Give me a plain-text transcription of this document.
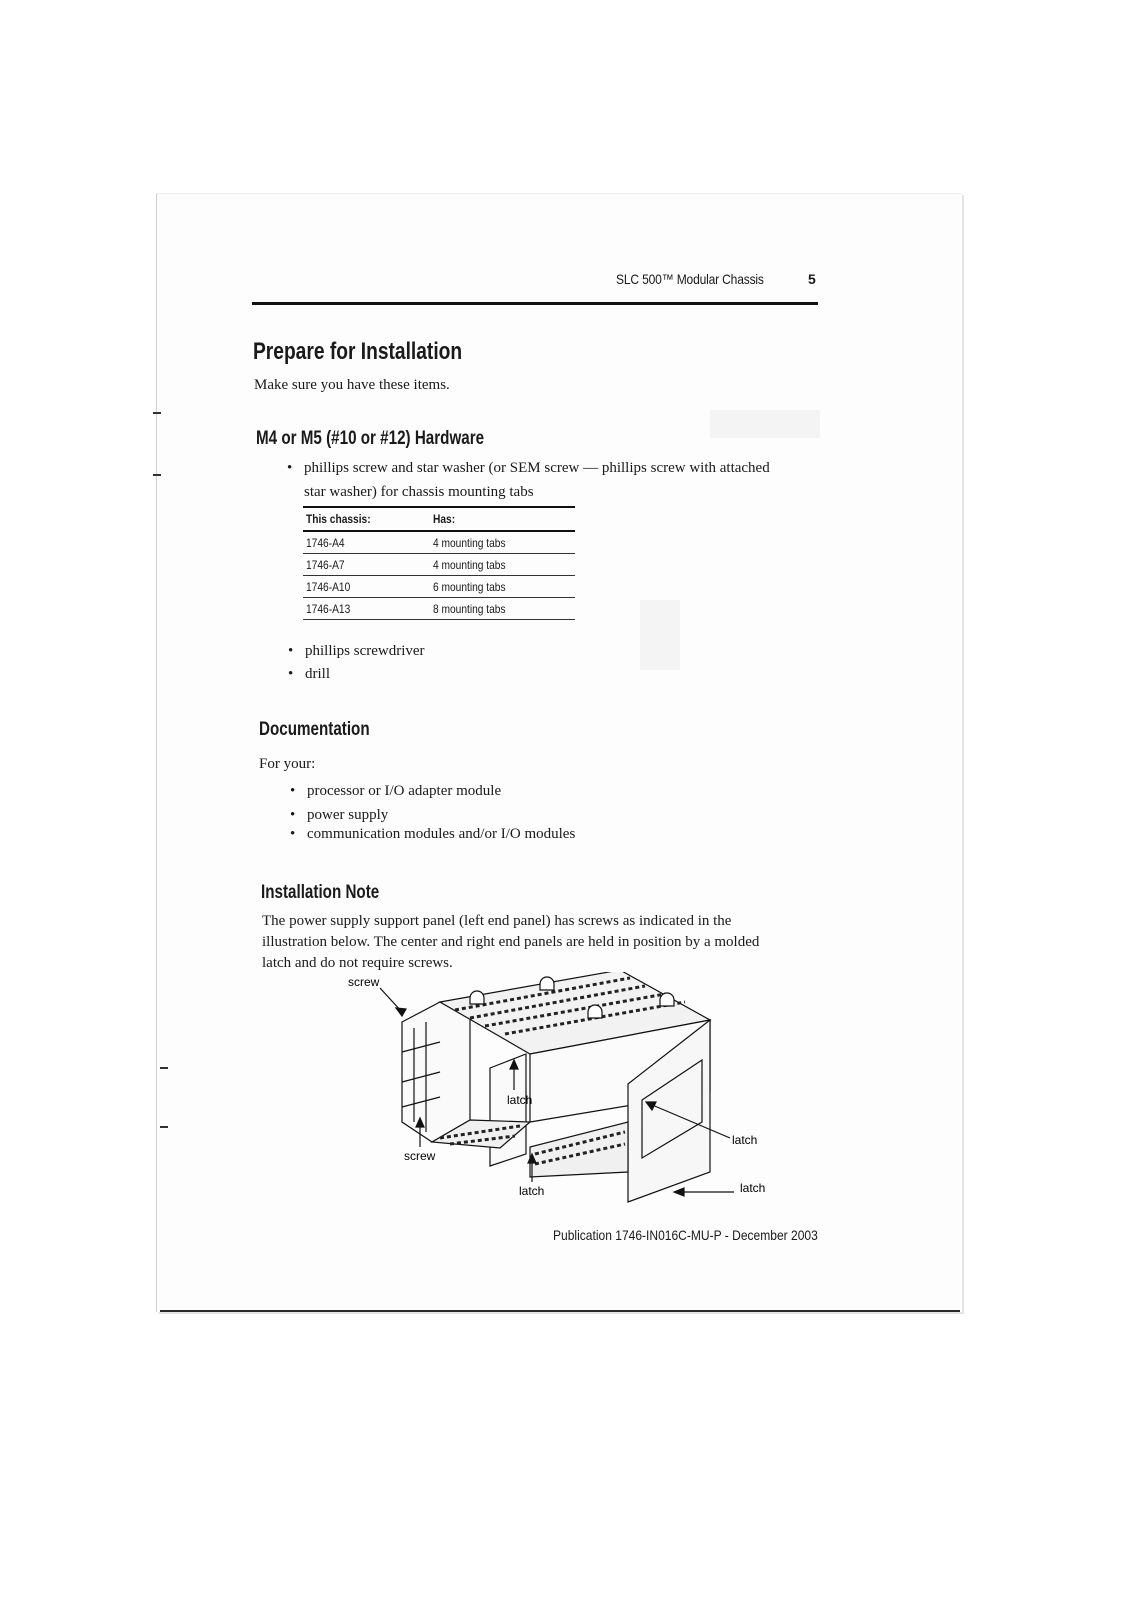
SLC 500™ Modular Chassis	5
Prepare for Installation
Make sure you have these items.
M4 or M5 (#10 or #12) Hardware
• phillips screw and star washer (or SEM screw — phillips screw with attached
star washer) for chassis mounting tabs
This chassis:	Has:
1746-A4	4 mounting tabs
1746-A7	4 mounting tabs
1746-A10	6 mounting tabs
1746-A13	8 mounting tabs
• phillips screwdriver
• drill
Documentation
For your:
• processor or I/O adapter module
• power supply
• communication modules and/or I/O modules
Installation Note
The power supply support panel (left end panel) has screws as indicated in the
illustration below. The center and right end panels are held in position by a molded
latch and do not require screws.
screw
screw
latch
latch
latch
latch
Publication 1746-IN016C-MU-P - December 2003
